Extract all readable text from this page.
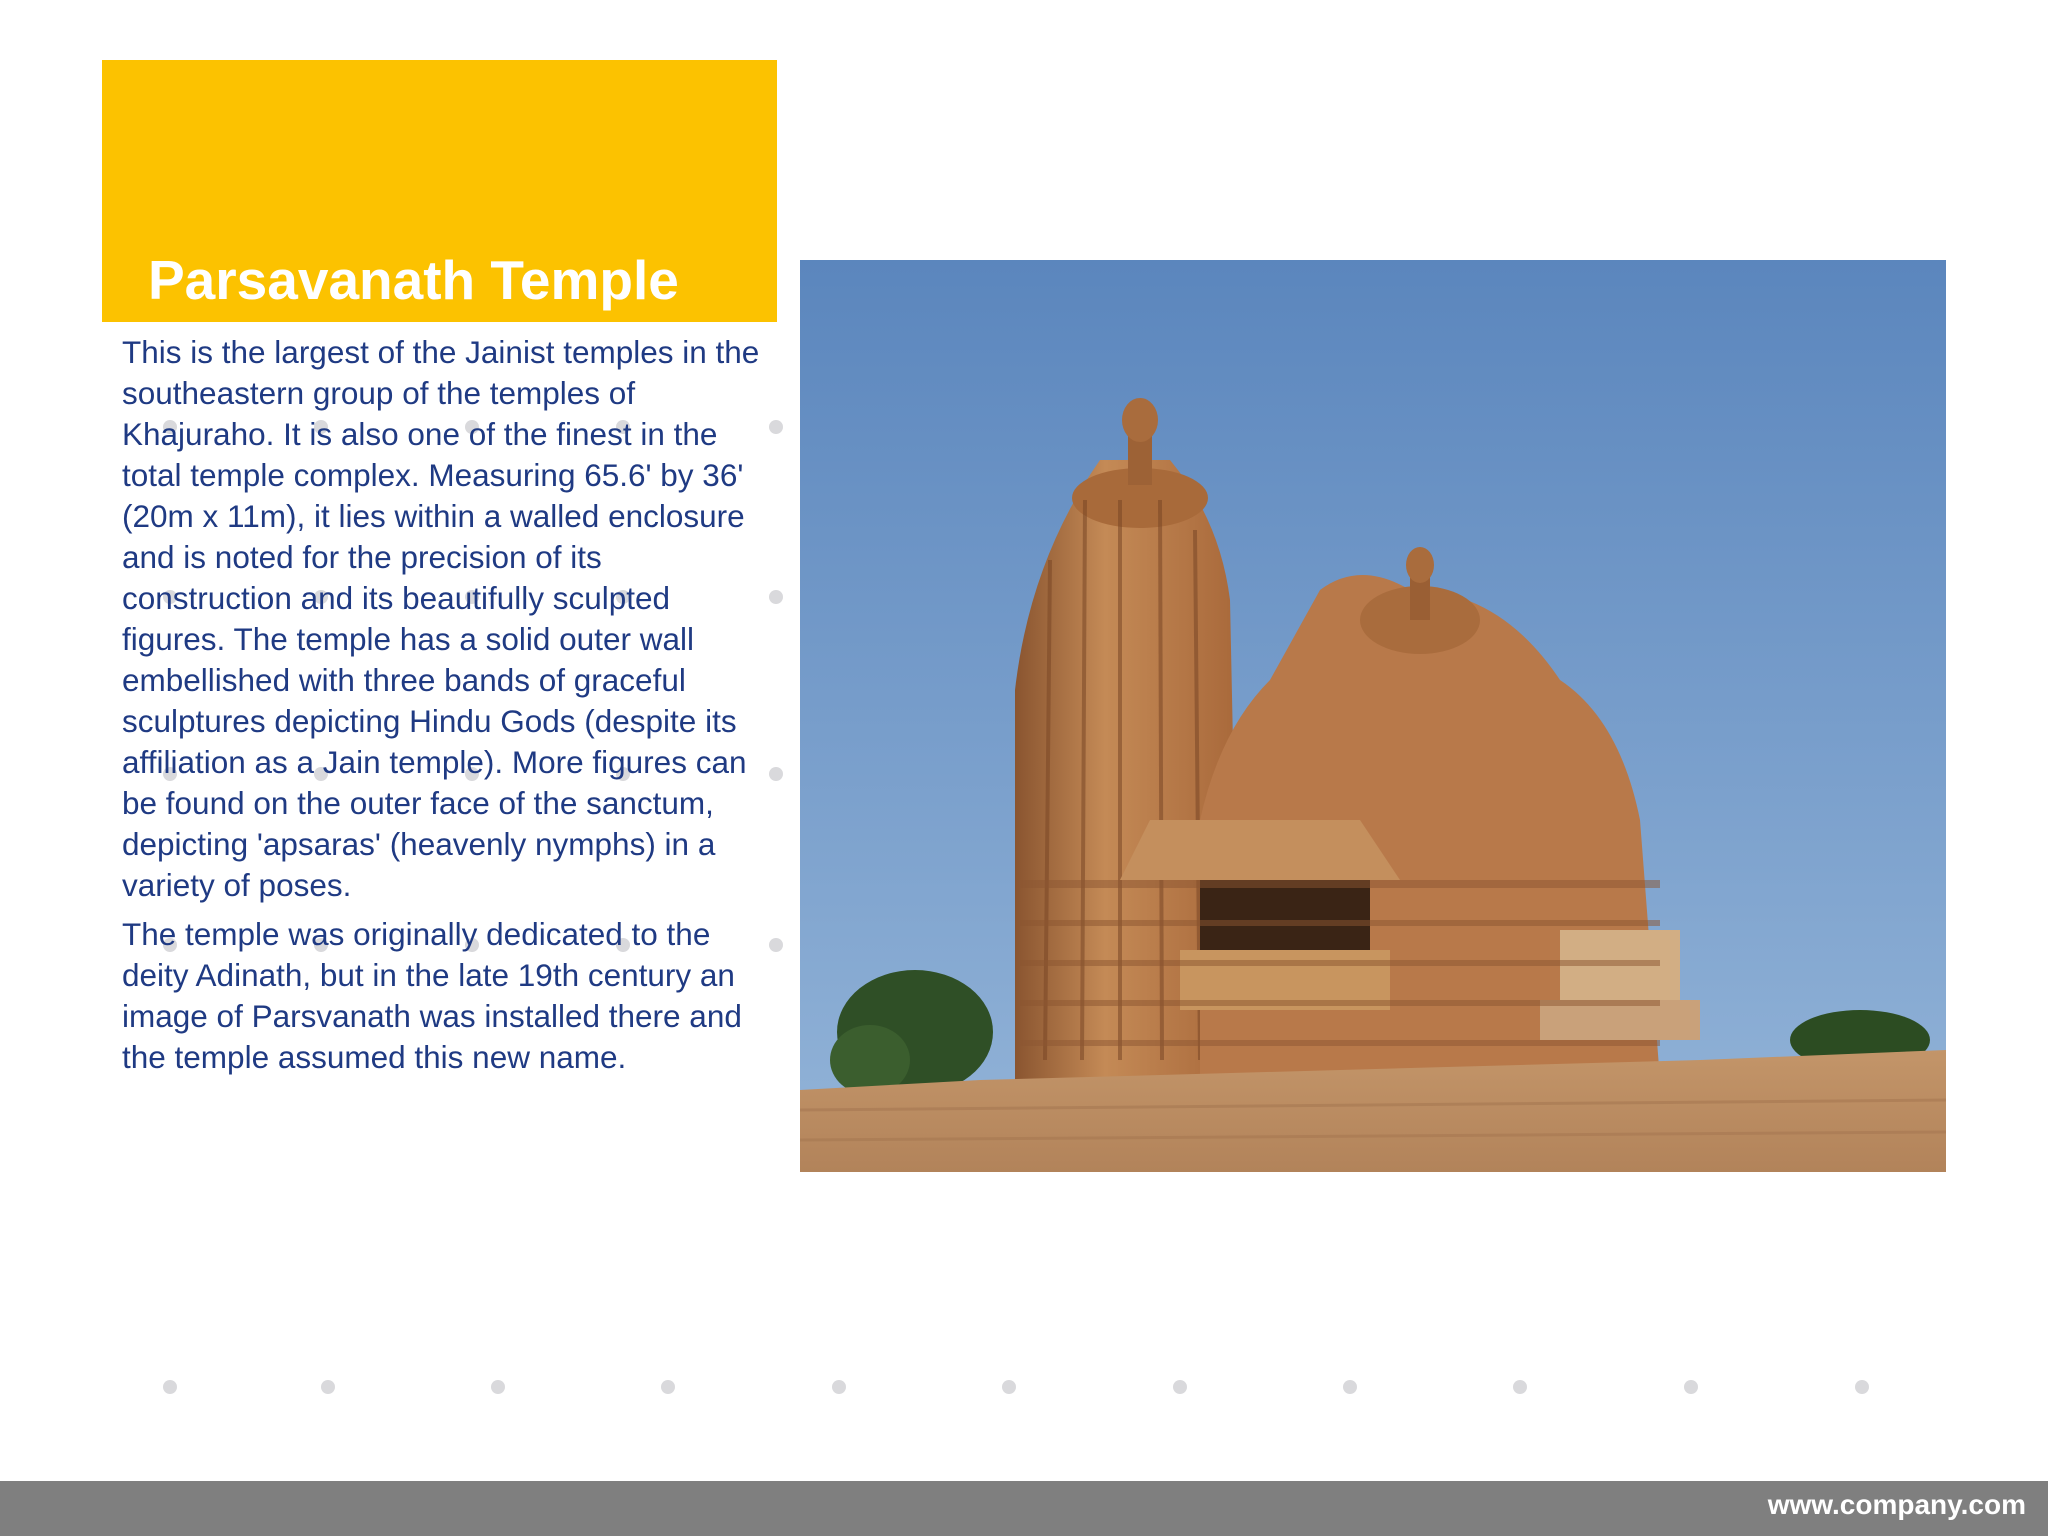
Parsavanath Temple

This is the largest of the Jainist temples in the southeastern group of the temples of Khajuraho. It is also one of the finest in the total temple complex. Measuring 65.6' by 36' (20m x 11m), it lies within a walled enclosure and is noted for the precision of its construction and its beautifully sculpted figures. The temple has a solid outer wall embellished with three bands of graceful sculptures depicting Hindu Gods (despite its affiliation as a Jain temple). More figures can be found on the outer face of the sanctum, depicting 'apsaras' (heavenly nymphs) in a variety of poses.

The temple was originally dedicated to the deity Adinath, but in the late 19th century an image of Parsvanath was installed there and the temple assumed this new name.

www.company.com
